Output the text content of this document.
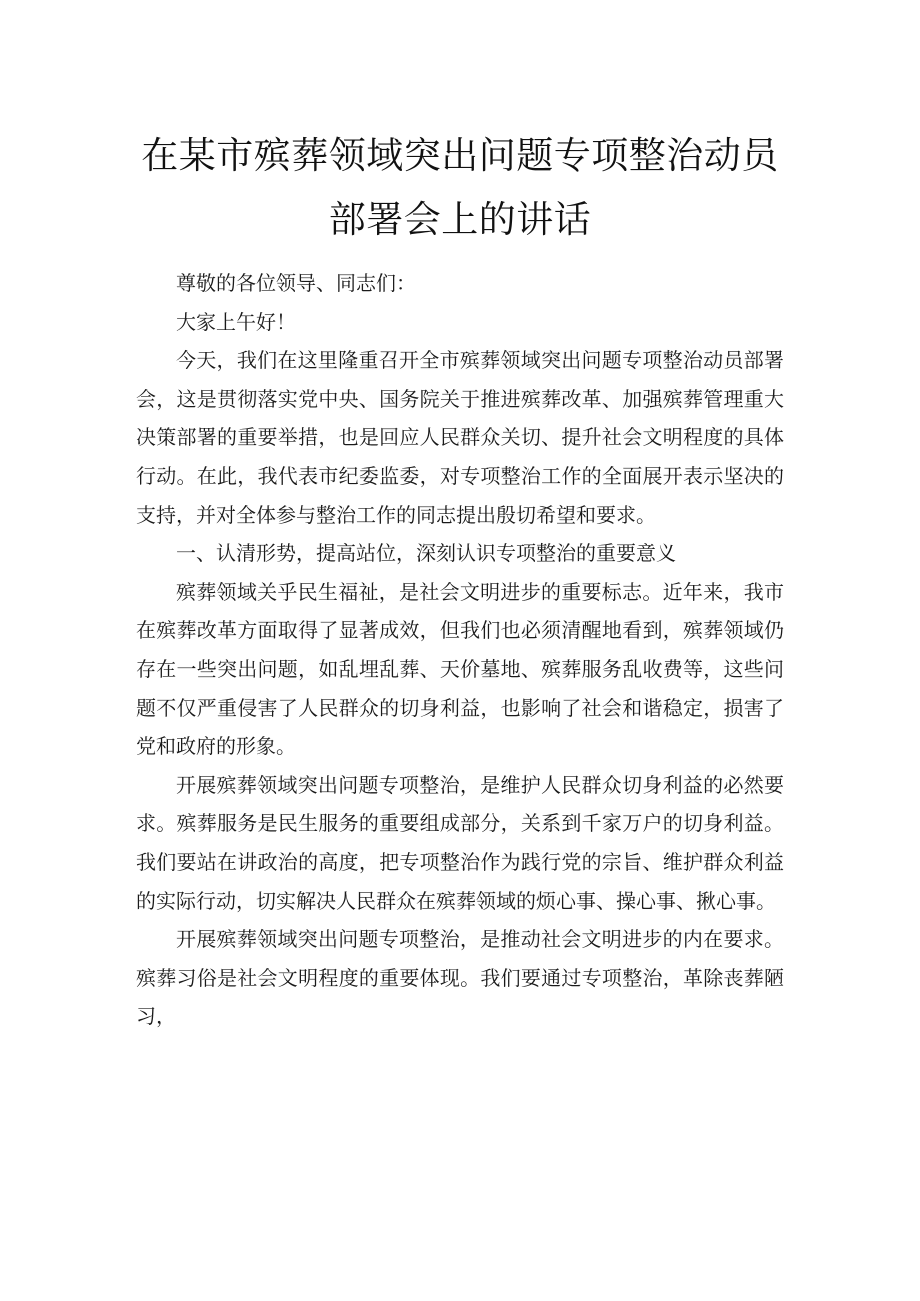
在某市殡葬领域突出问题专项整治动员
部署会上的讲话

尊敬的各位领导、同志们：

大家上午好！

今天，我们在这里隆重召开全市殡葬领域突出问题专项整治动员部署会，这是贯彻落实党中央、国务院关于推进殡葬改革、加强殡葬管理重大决策部署的重要举措，也是回应人民群众关切、提升社会文明程度的具体行动。在此，我代表市纪委监委，对专项整治工作的全面展开表示坚决的支持，并对全体参与整治工作的同志提出殷切希望和要求。

一、认清形势，提高站位，深刻认识专项整治的重要意义

殡葬领域关乎民生福祉，是社会文明进步的重要标志。近年来，我市在殡葬改革方面取得了显著成效，但我们也必须清醒地看到，殡葬领域仍存在一些突出问题，如乱埋乱葬、天价墓地、殡葬服务乱收费等，这些问题不仅严重侵害了人民群众的切身利益，也影响了社会和谐稳定，损害了党和政府的形象。

开展殡葬领域突出问题专项整治，是维护人民群众切身利益的必然要求。殡葬服务是民生服务的重要组成部分，关系到千家万户的切身利益。我们要站在讲政治的高度，把专项整治作为践行党的宗旨、维护群众利益的实际行动，切实解决人民群众在殡葬领域的烦心事、操心事、揪心事。

开展殡葬领域突出问题专项整治，是推动社会文明进步的内在要求。殡葬习俗是社会文明程度的重要体现。我们要通过专项整治，革除丧葬陋习，
